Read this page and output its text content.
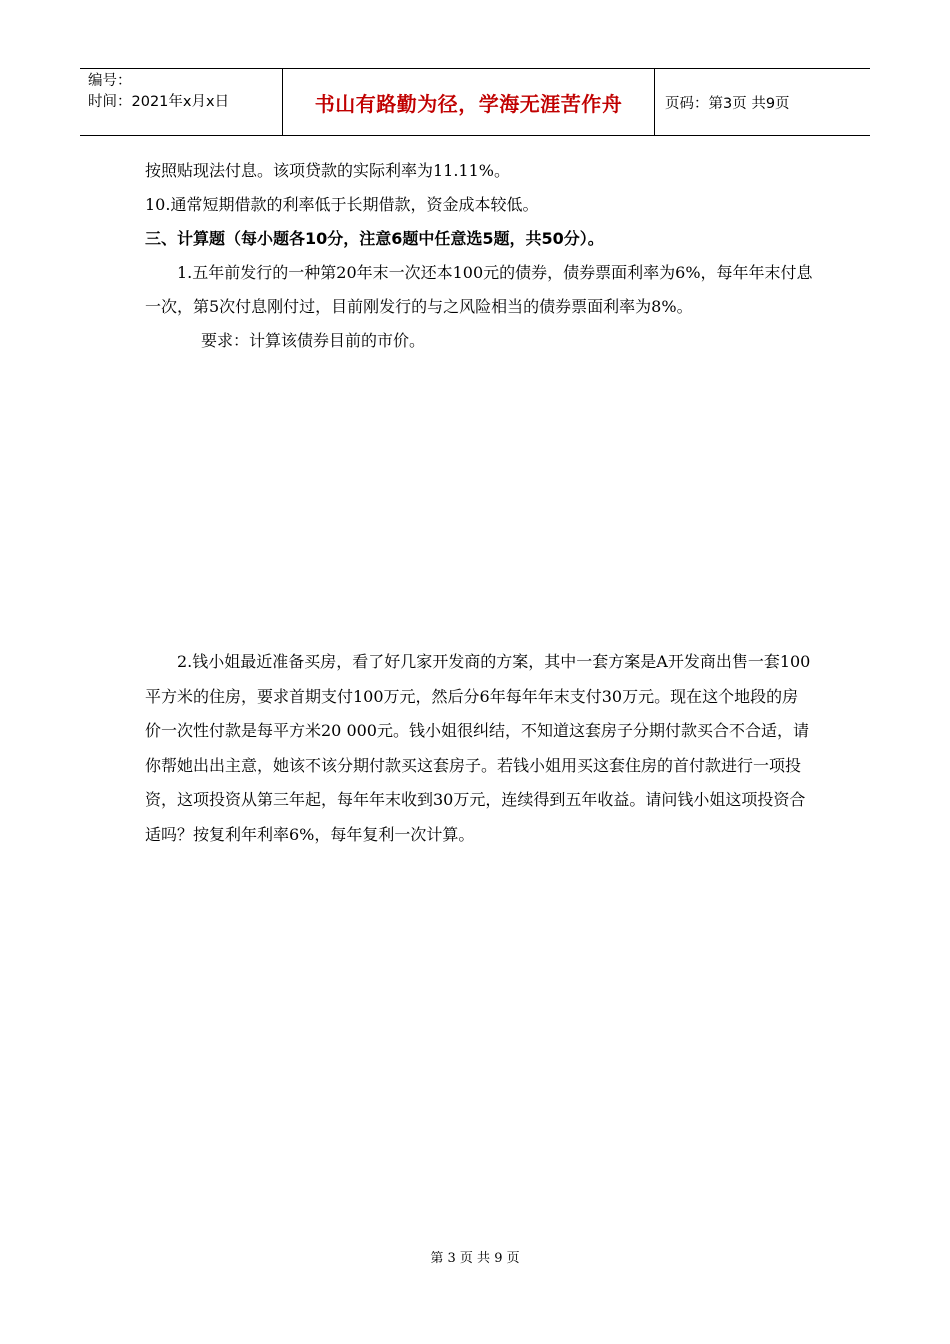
编号：
时间：2021年x月x日	书山有路勤为径，学海无涯苦作舟	页码：第3页 共9页

按照贴现法付息。该项贷款的实际利率为11.11%。

10.通常短期借款的利率低于长期借款，资金成本较低。

三、计算题（每小题各10分，注意6题中任意选5题，共50分）。

1.五年前发行的一种第20年末一次还本100元的债券，债券票面利率为6%，每年年末付息一次，第5次付息刚付过，目前刚发行的与之风险相当的债券票面利率为8%。

要求：计算该债券目前的市价。

2.钱小姐最近准备买房，看了好几家开发商的方案，其中一套方案是A开发商出售一套100平方米的住房，要求首期支付100万元，然后分6年每年年末支付30万元。现在这个地段的房价一次性付款是每平方米20 000元。钱小姐很纠结，不知道这套房子分期付款买合不合适，请你帮她出出主意，她该不该分期付款买这套房子。若钱小姐用买这套住房的首付款进行一项投资，这项投资从第三年起，每年年末收到30万元，连续得到五年收益。请问钱小姐这项投资合适吗？按复利年利率6%，每年复利一次计算。

第 3 页 共 9 页
